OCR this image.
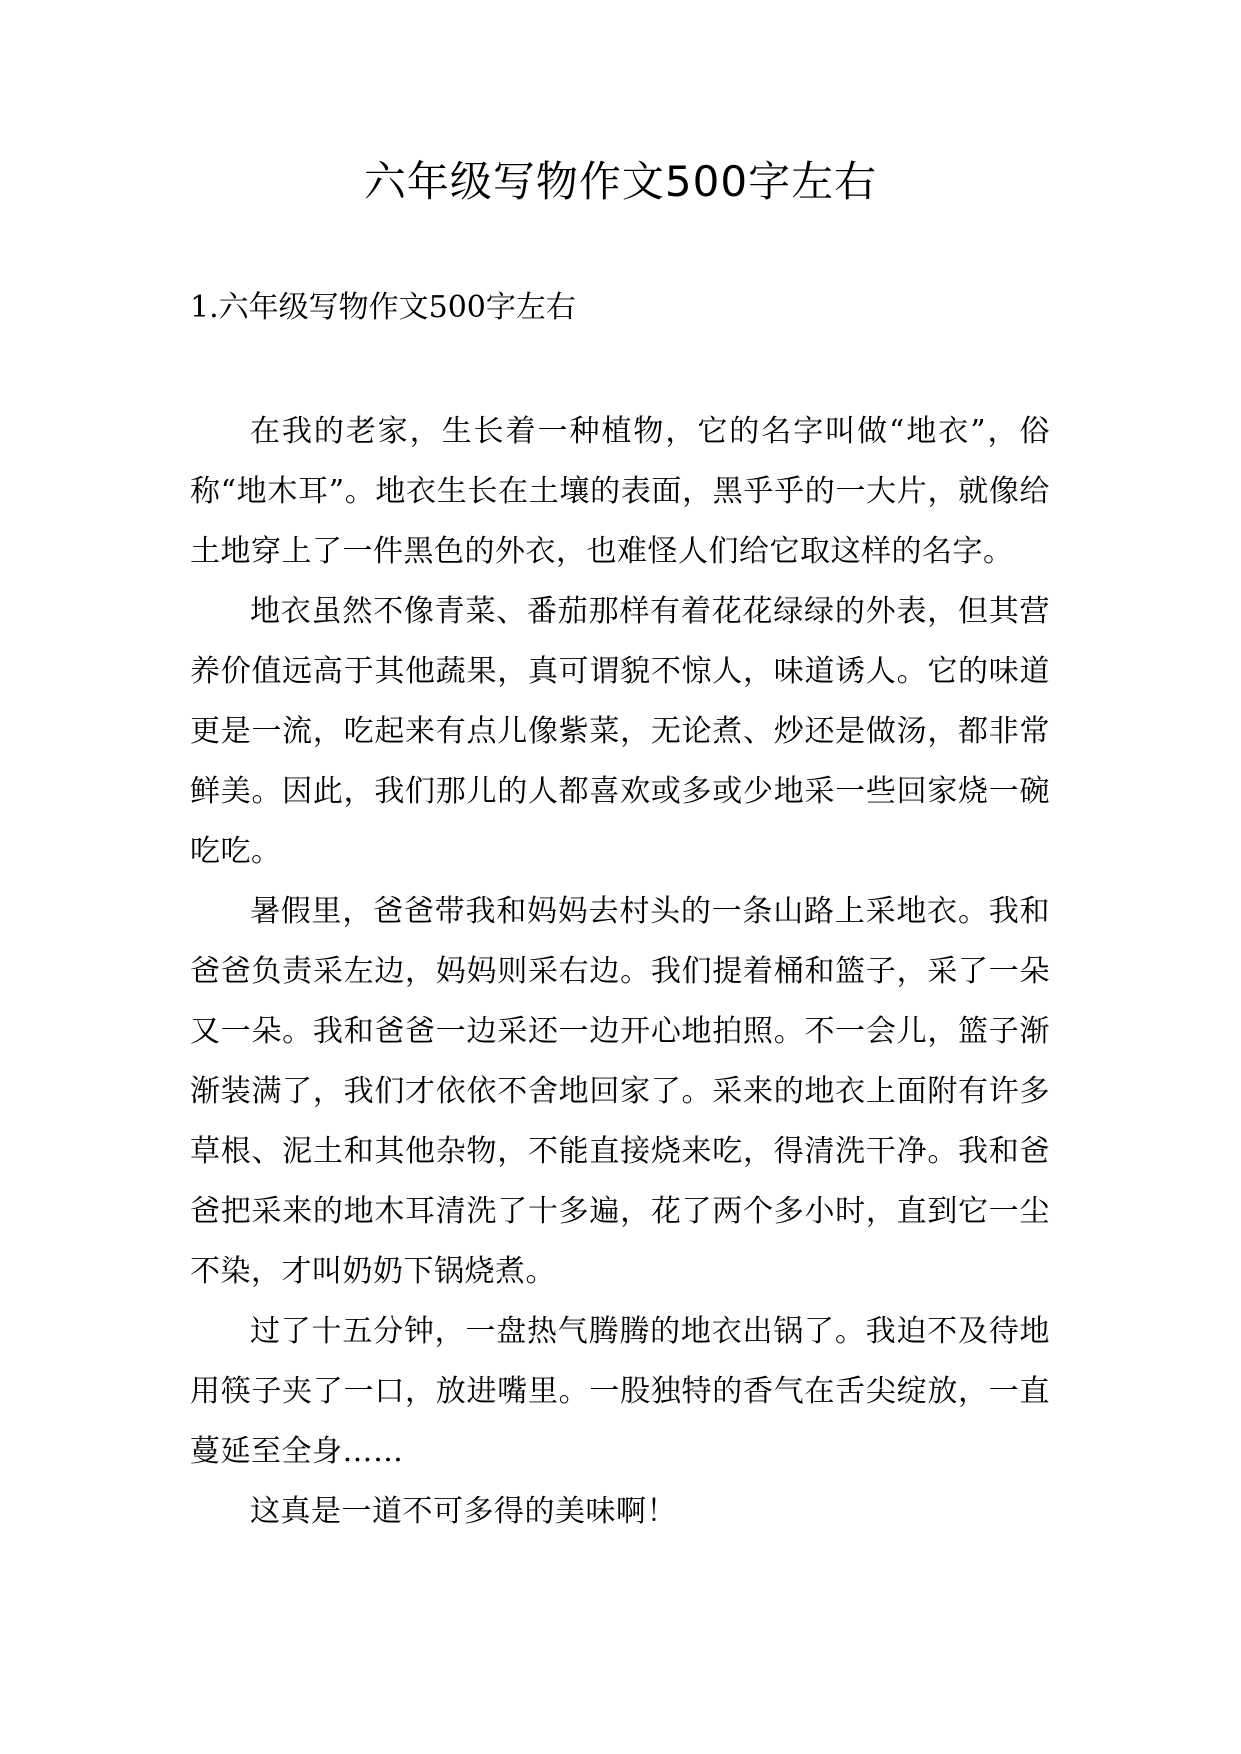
六年级写物作文500字左右
1.六年级写物作文500字左右

在我的老家，生长着一种植物，它的名字叫做“地衣”，俗称“地木耳”。地衣生长在土壤的表面，黑乎乎的一大片，就像给土地穿上了一件黑色的外衣，也难怪人们给它取这样的名字。

地衣虽然不像青菜、番茄那样有着花花绿绿的外表，但其营养价值远高于其他蔬果，真可谓貌不惊人，味道诱人。它的味道更是一流，吃起来有点儿像紫菜，无论煮、炒还是做汤，都非常鲜美。因此，我们那儿的人都喜欢或多或少地采一些回家烧一碗吃吃。

暑假里，爸爸带我和妈妈去村头的一条山路上采地衣。我和爸爸负责采左边，妈妈则采右边。我们提着桶和篮子，采了一朵又一朵。我和爸爸一边采还一边开心地拍照。不一会儿，篮子渐渐装满了，我们才依依不舍地回家了。采来的地衣上面附有许多草根、泥土和其他杂物，不能直接烧来吃，得清洗干净。我和爸爸把采来的地木耳清洗了十多遍，花了两个多小时，直到它一尘不染，才叫奶奶下锅烧煮。

过了十五分钟，一盘热气腾腾的地衣出锅了。我迫不及待地用筷子夹了一口，放进嘴里。一股独特的香气在舌尖绽放，一直蔓延至全身……

这真是一道不可多得的美味啊！
